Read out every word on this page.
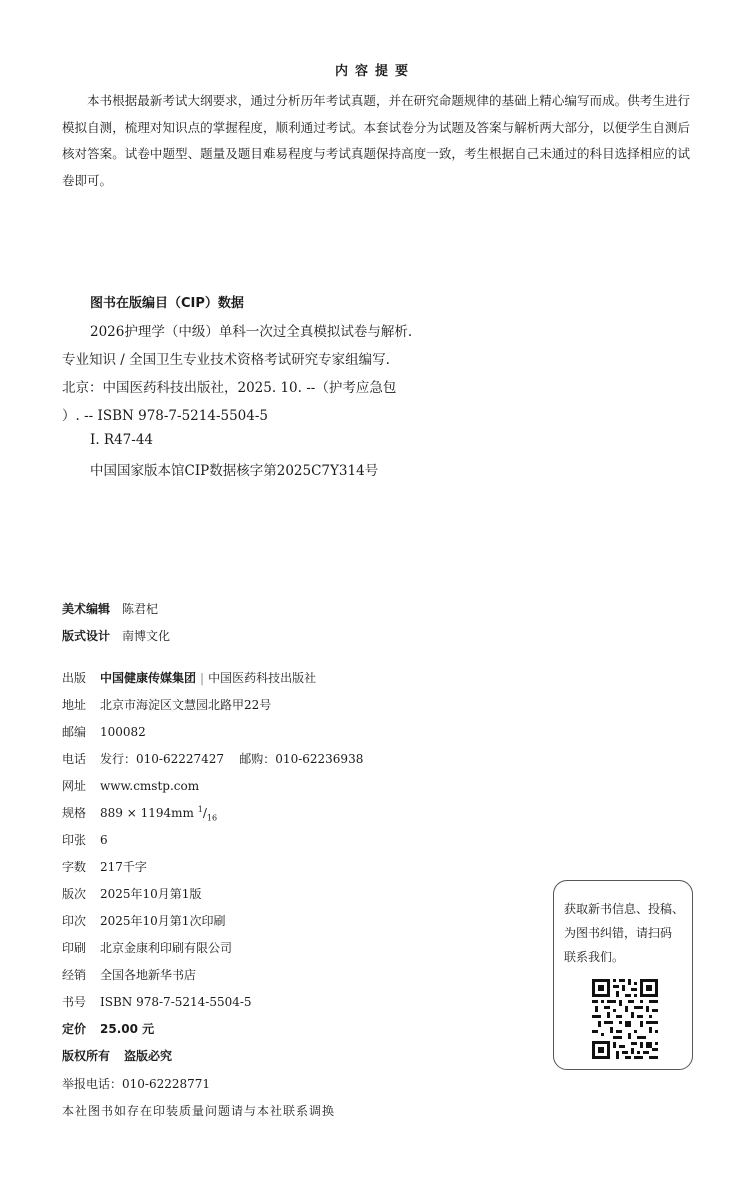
内容提要
本书根据最新考试大纲要求，通过分析历年考试真题，并在研究命题规律的基础上精心编写而成。供考生进行模拟自测，梳理对知识点的掌握程度，顺利通过考试。本套试卷分为试题及答案与解析两大部分，以便学生自测后核对答案。试卷中题型、题量及题目难易程度与考试真题保持高度一致，考生根据自己未通过的科目选择相应的试卷即可。
图书在版编目（CIP）数据
2026护理学（中级）单科一次过全真模拟试卷与解析.
专业知识 / 全国卫生专业技术资格考试研究专家组编写.
北京：中国医药科技出版社，2025. 10. --（护考应急包
）. -- ISBN 978-7-5214-5504-5
Ⅰ. R47-44
中国国家版本馆CIP数据核字第2025C7Y314号
美术编辑 陈君杞
版式设计 南博文化
出版	中国健康传媒集团 | 中国医药科技出版社
地址	北京市海淀区文慧园北路甲22号
邮编	100082
电话	发行：010-62227427    邮购：010-62236938
网址	www.cmstp.com
规格	889 × 1194mm $^1/_{16}$
印张	6
字数	217千字
版次	2025年10月第1版
印次	2025年10月第1次印刷
印刷	北京金康利印刷有限公司
经销	全国各地新华书店
书号	ISBN 978-7-5214-5504-5
定价	25.00 元
版权所有 盗版必究
举报电话： 010-62228771
本社图书如存在印装质量问题请与本社联系调换
获取新书信息、投稿、
为图书纠错，请扫码
联系我们。
